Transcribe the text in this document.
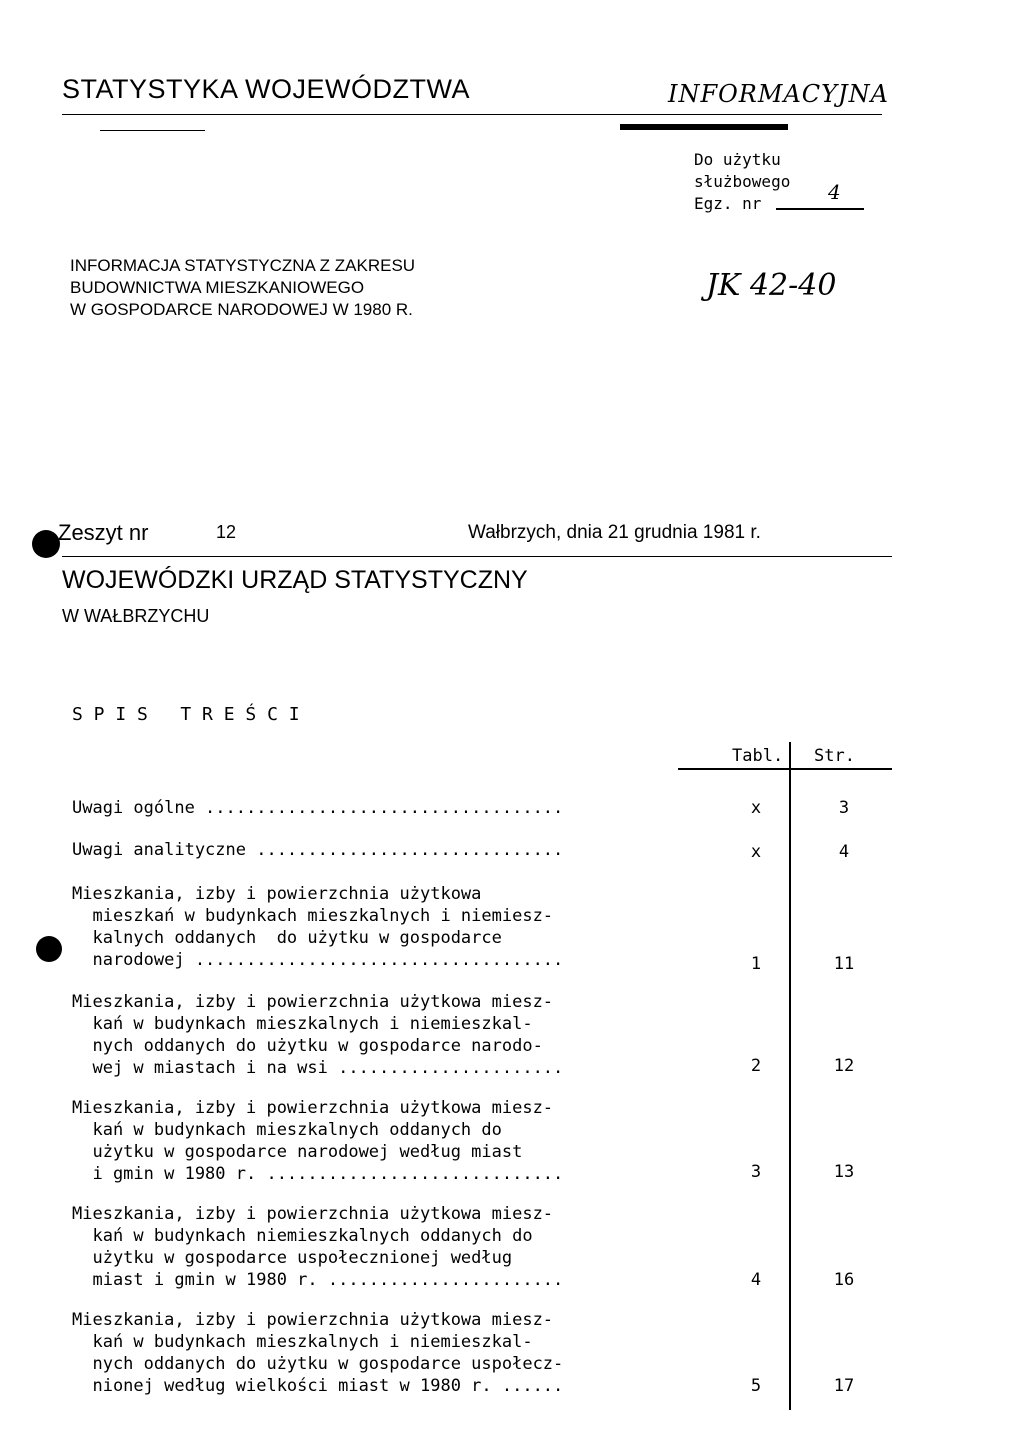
STATYSTYKA WOJEWÓDZTWA	INFORMACYJNA
Do użytku
służbowego
Egz. nr	4
INFORMACJA STATYSTYCZNA Z ZAKRESU
BUDOWNICTWA MIESZKANIOWEGO
W GOSPODARCE NARODOWEJ W 1980 R.
JK 42-40
Zeszyt nr	12	Wałbrzych, dnia 21 grudnia 1981 r.
WOJEWÓDZKI URZĄD STATYSTYCZNY
W WAŁBRZYCHU
S P I S   T R E Ś C I
Tabl. Str.
Uwagi ogólne ...................................	x	3
Uwagi analityczne ..............................	x	4
Mieszkania, izby i powierzchnia użytkowa
mieszkań w budynkach mieszkalnych i niemiesz-
kalnych oddanych  do użytku w gospodarce
narodowej ....................................	1	11
Mieszkania, izby i powierzchnia użytkowa miesz-
kań w budynkach mieszkalnych i niemieszkal-
nych oddanych do użytku w gospodarce narodo-
wej w miastach i na wsi ......................	2	12
Mieszkania, izby i powierzchnia użytkowa miesz-
kań w budynkach mieszkalnych oddanych do
użytku w gospodarce narodowej według miast
i gmin w 1980 r. .............................	3	13
Mieszkania, izby i powierzchnia użytkowa miesz-
kań w budynkach niemieszkalnych oddanych do
użytku w gospodarce uspołecznionej według
miast i gmin w 1980 r. .......................	4	16
Mieszkania, izby i powierzchnia użytkowa miesz-
kań w budynkach mieszkalnych i niemieszkal-
nych oddanych do użytku w gospodarce uspołecz-
nionej według wielkości miast w 1980 r. ......	5	17
